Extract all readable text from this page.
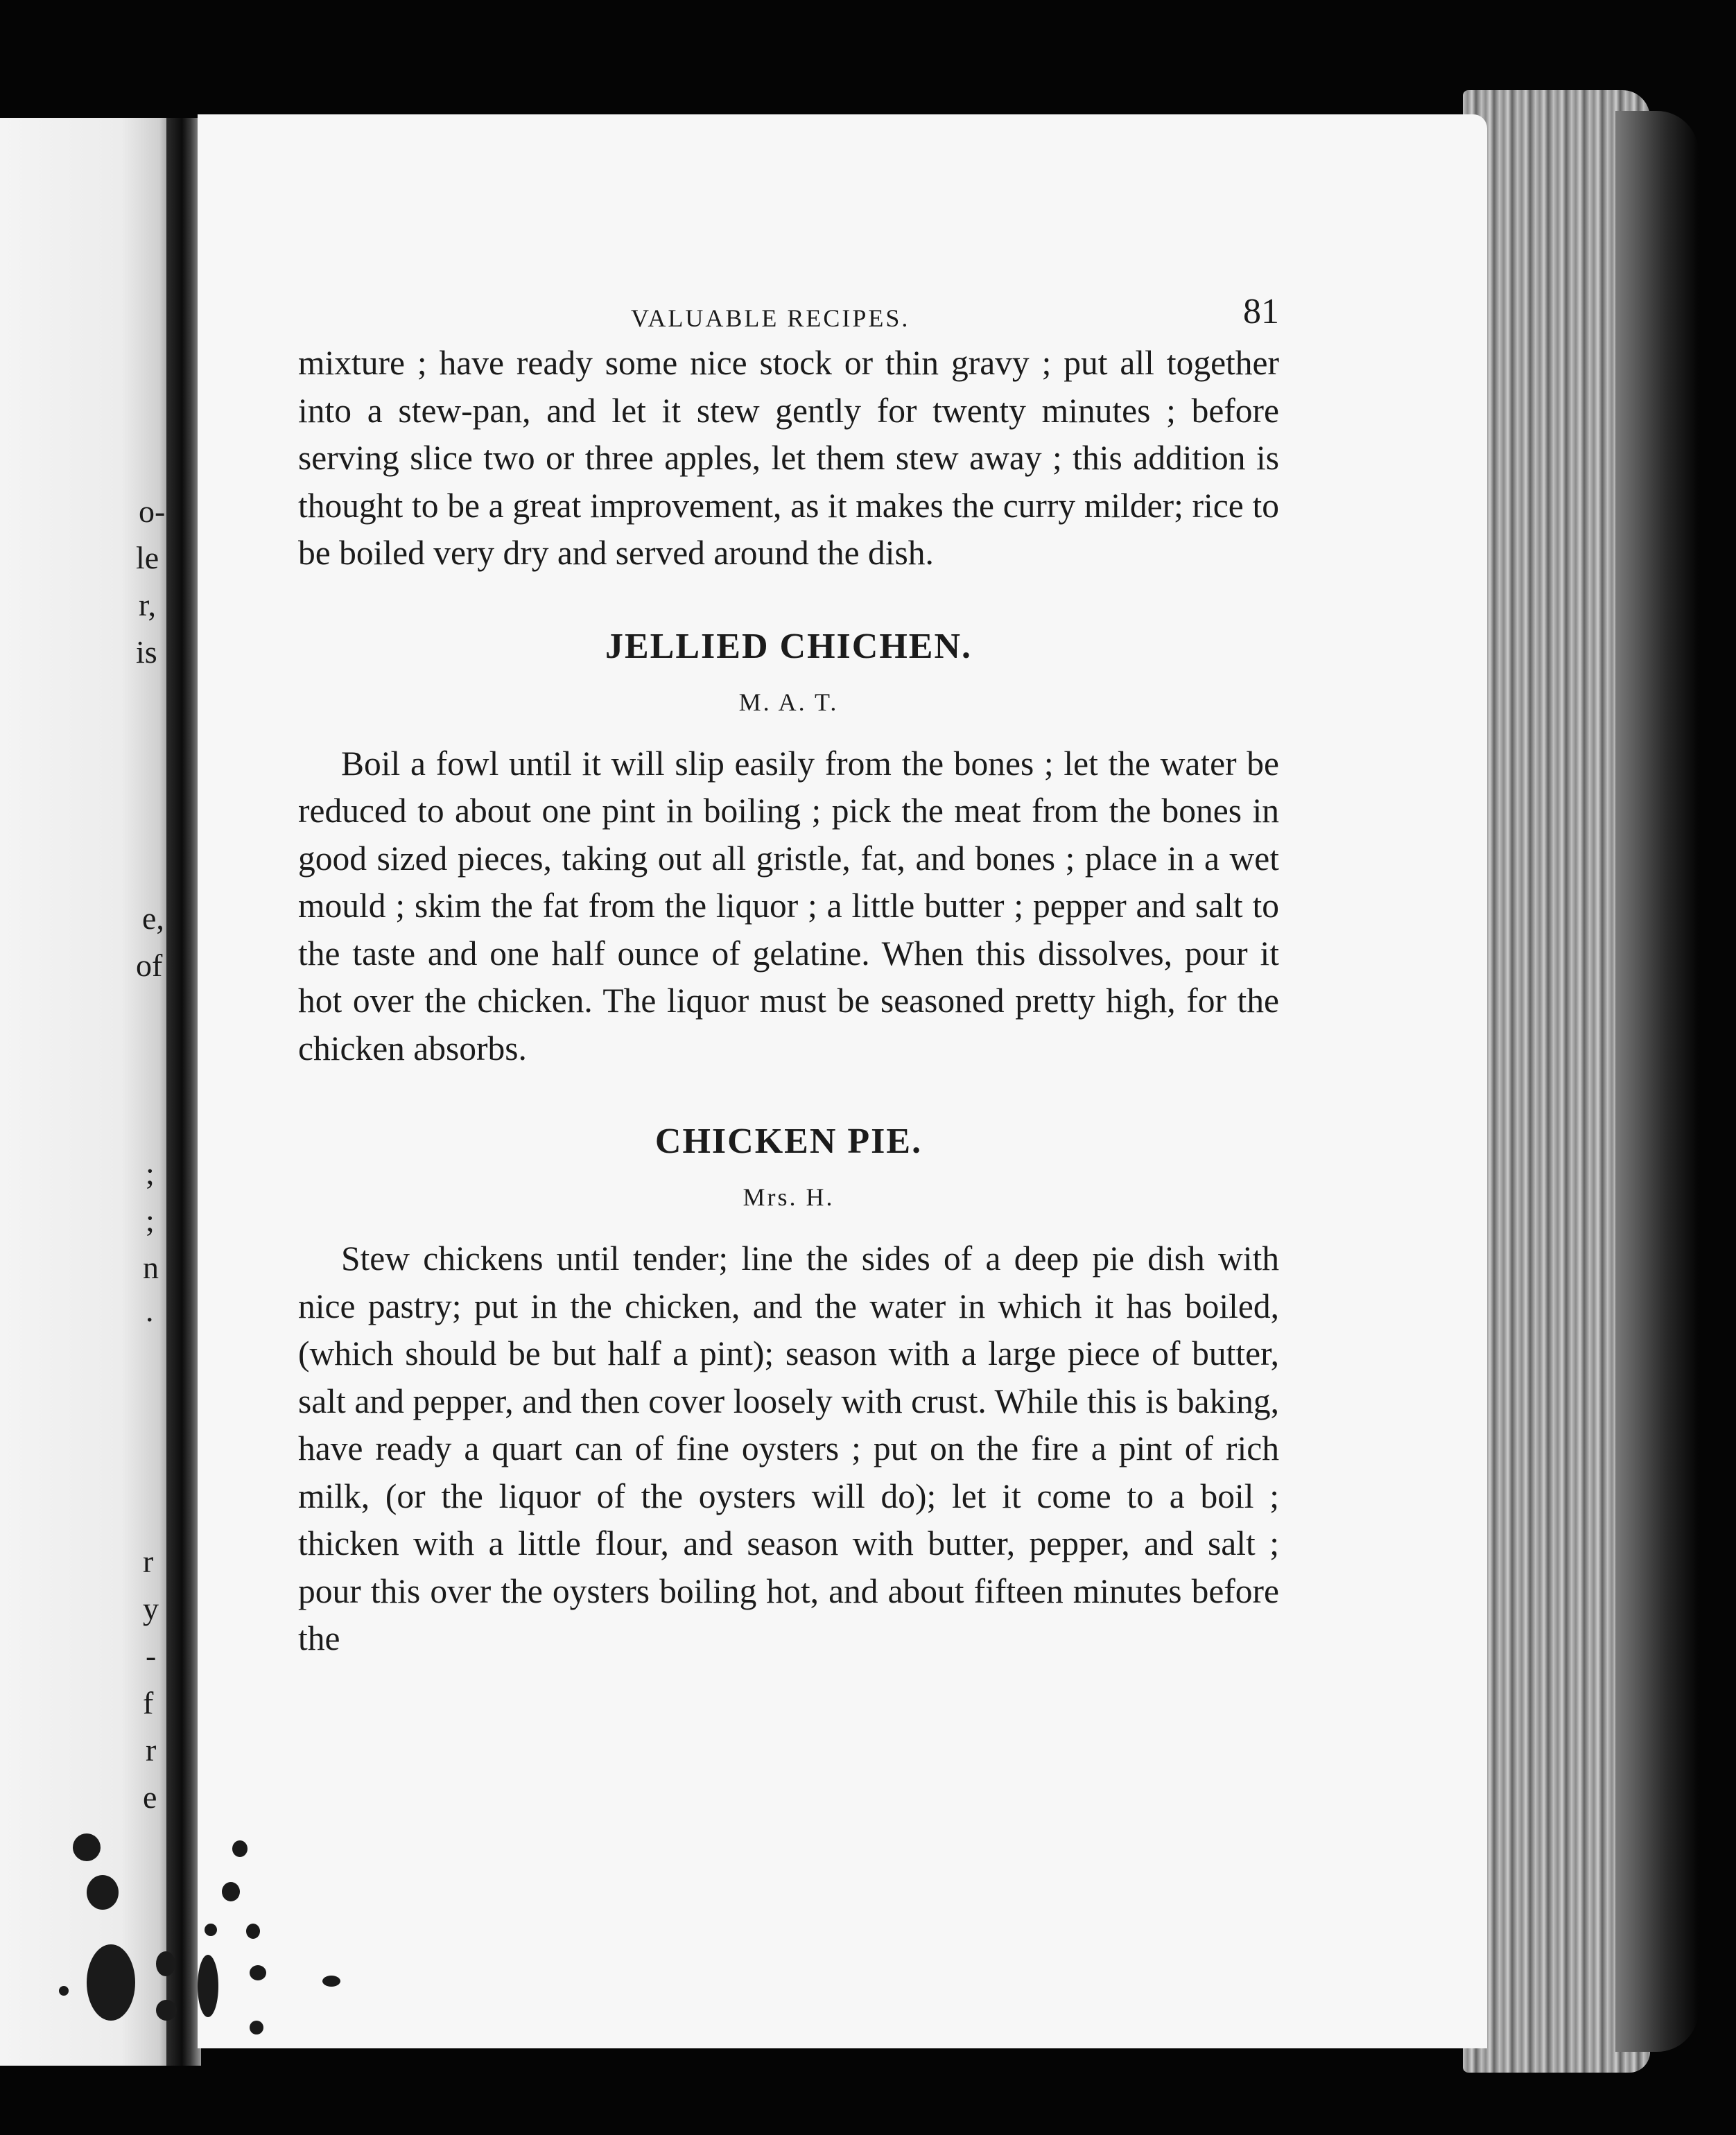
o-
le
r,
is
e,
of
;
;
n
.
r
y
-
f
r
e
VALUABLE RECIPES.	81

mixture ; have ready some nice stock or thin gravy ; put all together into a stew-pan, and let it stew gently for twenty minutes ; before serving slice two or three apples, let them stew away ; this addition is thought to be a great improvement, as it makes the curry milder; rice to be boiled very dry and served around the dish.

JELLIED CHICHEN.
M. A. T.

Boil a fowl until it will slip easily from the bones ; let the water be reduced to about one pint in boiling ; pick the meat from the bones in good sized pieces, taking out all gristle, fat, and bones ; place in a wet mould ; skim the fat from the liquor ; a little butter ; pepper and salt to the taste and one half ounce of gelatine. When this dissolves, pour it hot over the chicken. The liquor must be seasoned pretty high, for the chicken absorbs.

CHICKEN PIE.
Mrs. H.

Stew chickens until tender; line the sides of a deep pie dish with nice pastry; put in the chicken, and the water in which it has boiled, (which should be but half a pint); season with a large piece of butter, salt and pepper, and then cover loosely with crust. While this is baking, have ready a quart can of fine oysters ; put on the fire a pint of rich milk, (or the liquor of the oysters will do); let it come to a boil ; thicken with a little flour, and season with butter, pepper, and salt ; pour this over the oysters boiling hot, and about fifteen minutes before the
